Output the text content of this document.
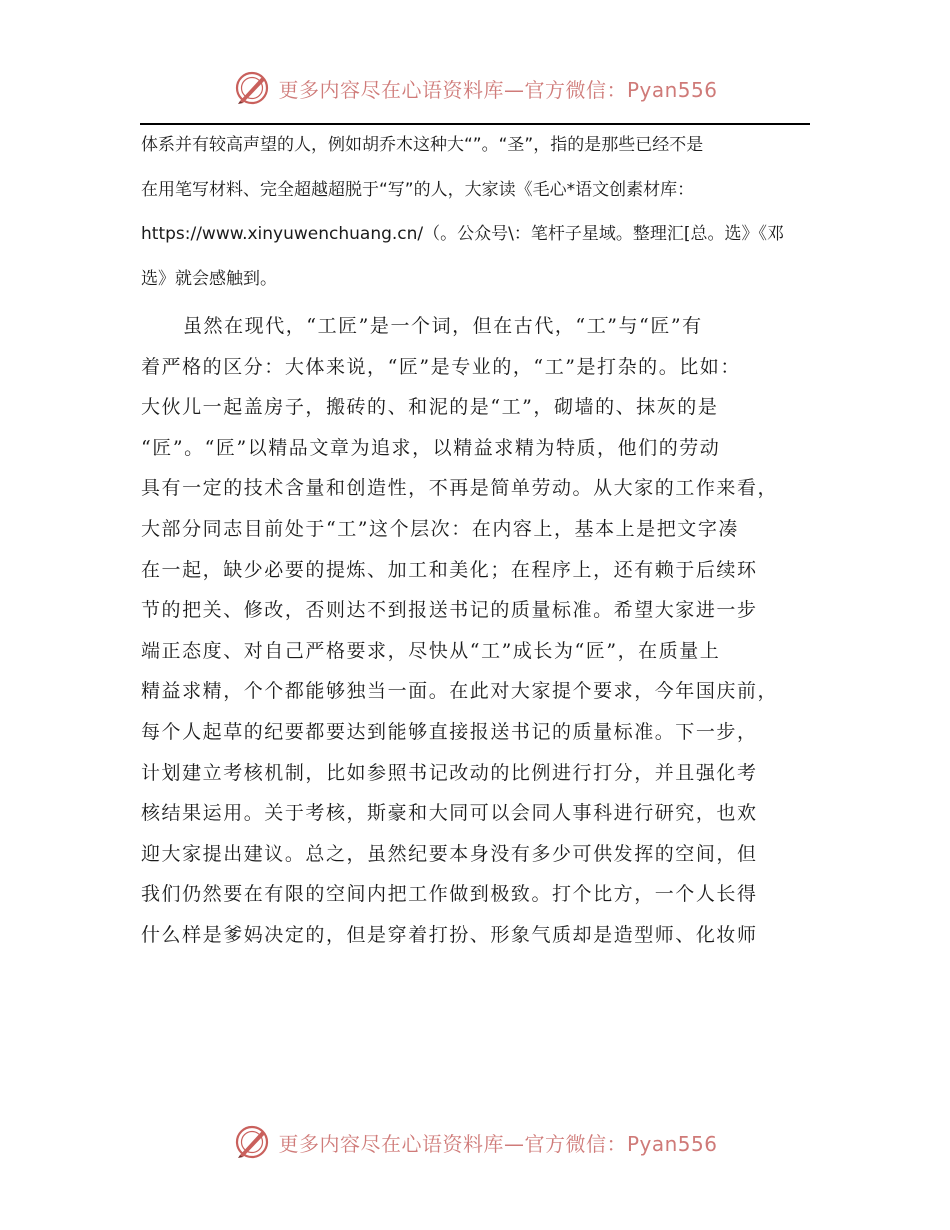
更多内容尽在心语资料库—官方微信：Pyan556

体系并有较高声望的人，例如胡乔木这种大“”。“圣”，指的是那些已经不是
在用笔写材料、完全超越超脱于“写”的人，大家读《毛心*语文创素材库：
https://www.xinyuwenchuang.cn/（。公众号\：笔杆子星域。整理汇[总。选》《邓
选》就会感触到。

虽然在现代，“工匠”是一个词，但在古代，“工”与“匠”有
着严格的区分：大体来说，“匠”是专业的，“工”是打杂的。比如：
大伙儿一起盖房子，搬砖的、和泥的是“工”，砌墙的、抹灰的是
“匠”。“匠”以精品文章为追求，以精益求精为特质，他们的劳动
具有一定的技术含量和创造性，不再是简单劳动。从大家的工作来看，
大部分同志目前处于“工”这个层次：在内容上，基本上是把文字凑
在一起，缺少必要的提炼、加工和美化；在程序上，还有赖于后续环
节的把关、修改，否则达不到报送书记的质量标准。希望大家进一步
端正态度、对自己严格要求，尽快从“工”成长为“匠”，在质量上
精益求精，个个都能够独当一面。在此对大家提个要求，今年国庆前，
每个人起草的纪要都要达到能够直接报送书记的质量标准。下一步，
计划建立考核机制，比如参照书记改动的比例进行打分，并且强化考
核结果运用。关于考核，斯豪和大同可以会同人事科进行研究，也欢
迎大家提出建议。总之，虽然纪要本身没有多少可供发挥的空间，但
我们仍然要在有限的空间内把工作做到极致。打个比方，一个人长得
什么样是爹妈决定的，但是穿着打扮、形象气质却是造型师、化妆师

更多内容尽在心语资料库—官方微信：Pyan556
